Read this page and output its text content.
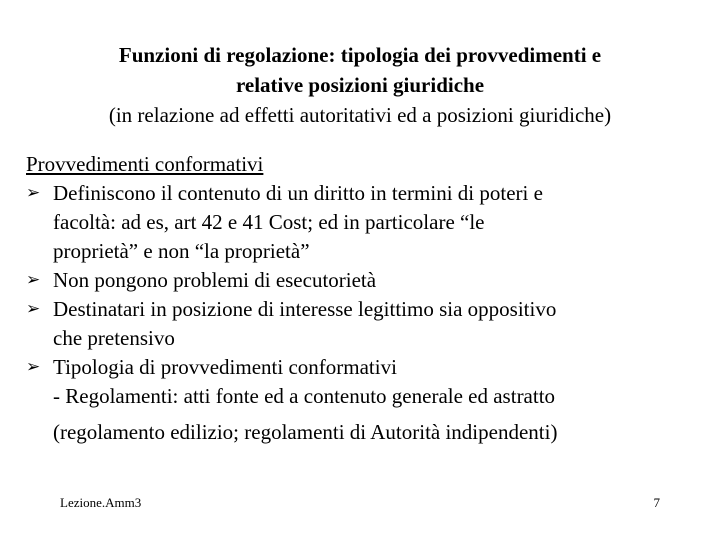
Funzioni di regolazione: tipologia dei provvedimenti e
relative posizioni giuridiche
(in relazione ad effetti autoritativi ed a posizioni giuridiche)
Provvedimenti conformativi
➢ Definiscono il contenuto di un diritto in termini di poteri e
facoltà: ad es, art 42 e 41 Cost; ed in particolare “le
proprietà” e non “la proprietà”
➢ Non pongono problemi di esecutorietà
➢ Destinatari in posizione di interesse legittimo sia oppositivo
che pretensivo
➢ Tipologia di provvedimenti conformativi
- Regolamenti: atti fonte ed a contenuto generale ed astratto
(regolamento edilizio; regolamenti di Autorità indipendenti)
Lezione.Amm3	7
